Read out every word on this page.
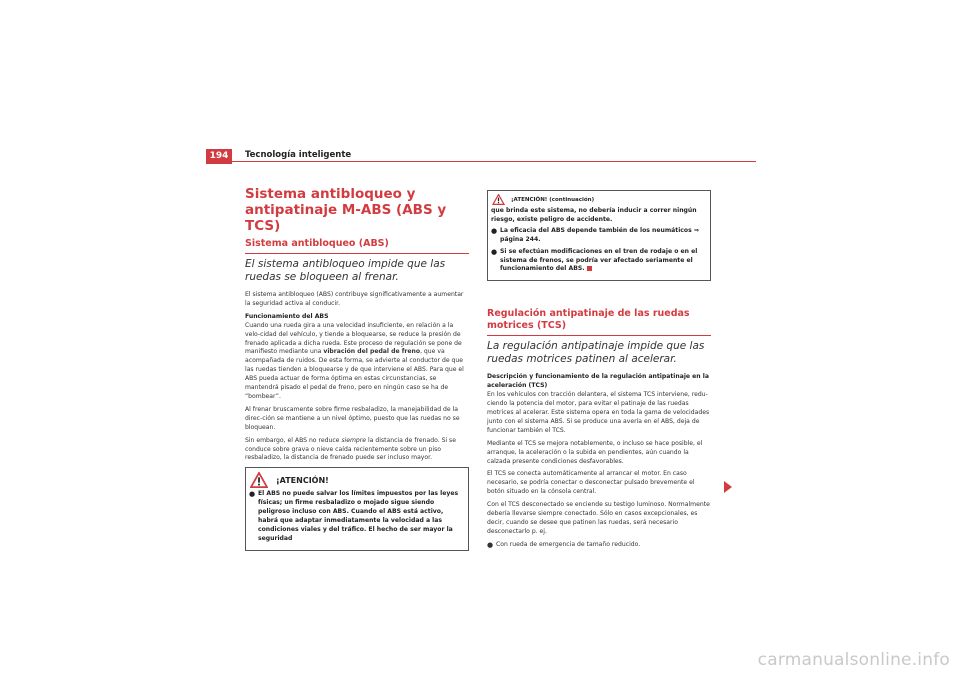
194	Tecnología inteligente
Sistema antibloqueo y antipatinaje M-ABS (ABS y TCS)
Sistema antibloqueo (ABS)
El sistema antibloqueo impide que las ruedas se bloqueen al frenar.

El sistema antibloqueo (ABS) contribuye significativamente a aumentar la seguridad activa al conducir.

Funcionamiento del ABS

Cuando una rueda gira a una velocidad insuficiente, en relación a la velo-cidad del vehículo, y tiende a bloquearse, se reduce la presión de frenado aplicada a dicha rueda. Este proceso de regulación se pone de manifiesto mediante una vibración del pedal de freno, que va acompañada de ruidos. De esta forma, se advierte al conductor de que las ruedas tienden a bloquearse y de que interviene el ABS. Para que el ABS pueda actuar de forma óptima en estas circunstancias, se mantendrá pisado el pedal de freno, pero en ningún caso se ha de “bombear”.

Al frenar bruscamente sobre firme resbaladizo, la manejabilidad de la direc-ción se mantiene a un nivel óptimo, puesto que las ruedas no se bloquean.

Sin embargo, el ABS no reduce siempre la distancia de frenado. Si se conduce sobre grava o nieve caída recientemente sobre un piso resbaladizo, la distancia de frenado puede ser incluso mayor.

¡ATENCIÓN!
● El ABS no puede salvar los límites impuestos por las leyes físicas; un firme resbaladizo o mojado sigue siendo peligroso incluso con ABS. Cuando el ABS está activo, habrá que adaptar inmediatamente la velocidad a las condiciones viales y del tráfico. El hecho de ser mayor la seguridad
¡ATENCIÓN! (continuación)

que brinda este sistema, no debería inducir a correr ningún riesgo, existe peligro de accidente.

● La eficacia del ABS depende también de los neumáticos ⇒ página 244.
● Si se efectúan modificaciones en el tren de rodaje o en el sistema de frenos, se podría ver afectado seriamente el funcionamiento del ABS.
Regulación antipatinaje de las ruedas motrices (TCS)
La regulación antipatinaje impide que las ruedas motrices patinen al acelerar.
Descripción y funcionamiento de la regulación antipatinaje en la aceleración (TCS)

En los vehículos con tracción delantera, el sistema TCS interviene, redu-ciendo la potencia del motor, para evitar el patinaje de las ruedas motrices al acelerar. Este sistema opera en toda la gama de velocidades junto con el sistema ABS. Si se produce una avería en el ABS, deja de funcionar también el TCS.

Mediante el TCS se mejora notablemente, o incluso se hace posible, el arranque, la aceleración o la subida en pendientes, aún cuando la calzada presente condiciones desfavorables.

El TCS se conecta automáticamente al arrancar el motor. En caso necesario, se podría conectar o desconectar pulsado brevemente el botón situado en la cónsola central.

Con el TCS desconectado se enciende su testigo luminoso. Normalmente debería llevarse siempre conectado. Sólo en casos excepcionales, es decir, cuando se desee que patinen las ruedas, será necesario desconectarlo p. ej.

● Con rueda de emergencia de tamaño reducido.
carmanualsonline.info
